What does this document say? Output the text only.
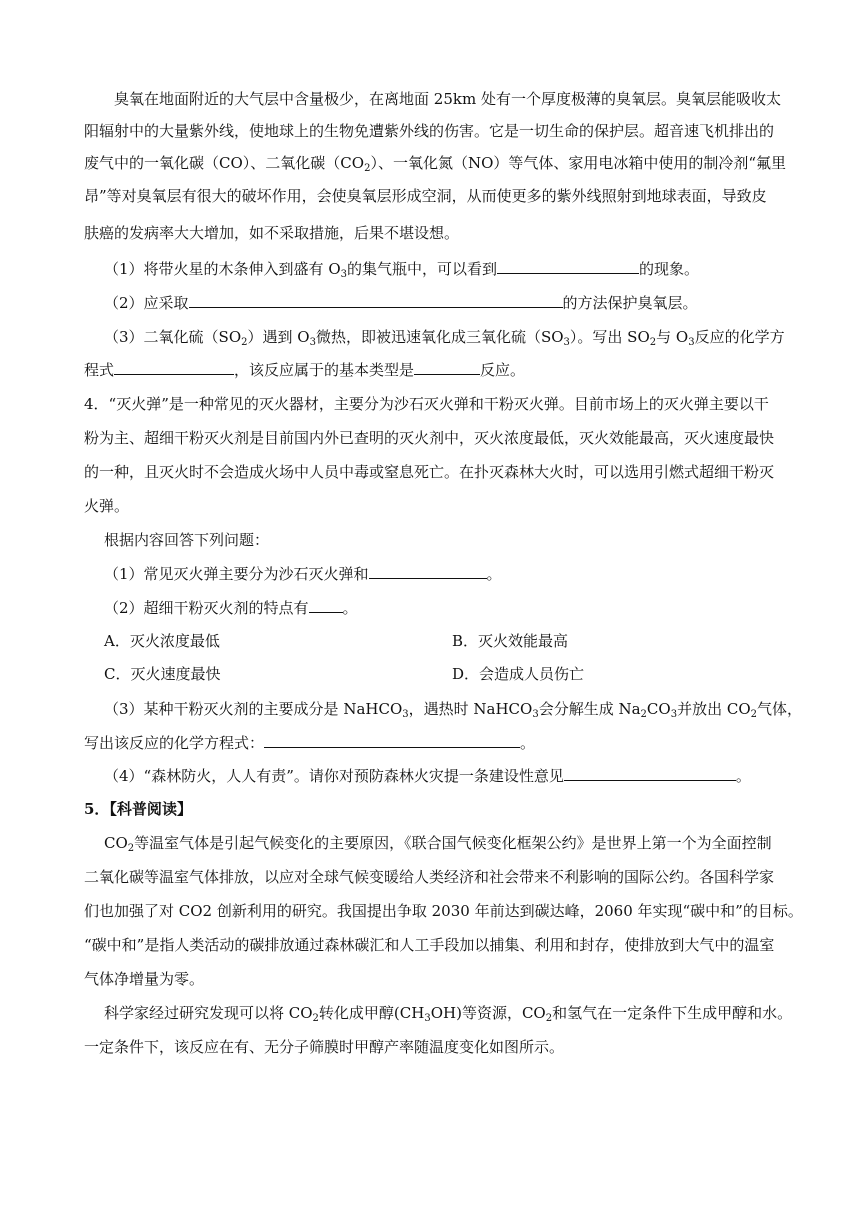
臭氧在地面附近的大气层中含量极少，在离地面 25km 处有一个厚度极薄的臭氧层。臭氧层能吸收太
阳辐射中的大量紫外线，使地球上的生物免遭紫外线的伤害。它是一切生命的保护层。超音速飞机排出的
废气中的一氧化碳（CO）、二氧化碳$(CO_2)$、一氧化氮（NO）等气体、家用电冰箱中使用的制冷剂“氟里
昂”等对臭氧层有很大的破坏作用，会使臭氧层形成空洞，从而使更多的紫外线照射到地球表面，导致皮
肤癌的发病率大大增加，如不采取措施，后果不堪设想。
（1）将带火星的木条伸入到盛有 $O_3$的集气瓶中，可以看到	的现象。
（2）应采取	的方法保护臭氧层。
（3）二氧化硫$(SO_2)$遇到 $O_3$微热，即被迅速氧化成三氧化硫$(SO_3)$。写出 $SO_2$与 $O_3$反应的化学方
程式	，该反应属于的基本类型是	反应。
4．“灭火弹”是一种常见的灭火器材，主要分为沙石灭火弹和干粉灭火弹。目前市场上的灭火弹主要以干
粉为主、超细干粉灭火剂是目前国内外已查明的灭火剂中，灭火浓度最低，灭火效能最高，灭火速度最快
的一种，且灭火时不会造成火场中人员中毒或窒息死亡。在扑灭森林大火时，可以选用引燃式超细干粉灭
火弹。
根据内容回答下列问题：
（1）常见灭火弹主要分为沙石灭火弹和	。
（2）超细干粉灭火剂的特点有 。
A．灭火浓度最低	B．灭火效能最高
C．灭火速度最快	D．会造成人员伤亡
（3）某种干粉灭火剂的主要成分是 NaHCO$_3$，遇热时 NaHCO$_3$会分解生成 $Na_2CO_3$并放出 $CO_2$气体，
写出该反应的化学方程式：	。
（4）“森林防火，人人有责”。请你对预防森林火灾提一条建设性意见	。
5．【科普阅读】
$CO_2$等温室气体是引起气候变化的主要原因，《联合国气候变化框架公约》是世界上第一个为全面控制
二氧化碳等温室气体排放，以应对全球气候变暖给人类经济和社会带来不利影响的国际公约。各国科学家
们也加强了对 CO2 创新利用的研究。我国提出争取 2030 年前达到碳达峰，2060 年实现“碳中和”的目标。
“碳中和”是指人类活动的碳排放通过森林碳汇和人工手段加以捕集、利用和封存，使排放到大气中的温室
气体净增量为零。
科学家经过研究发现可以将 $CO_2$转化成甲醇$(CH_3OH)$等资源，$CO_2$和氢气在一定条件下生成甲醇和水。
一定条件下，该反应在有、无分子筛膜时甲醇产率随温度变化如图所示。
